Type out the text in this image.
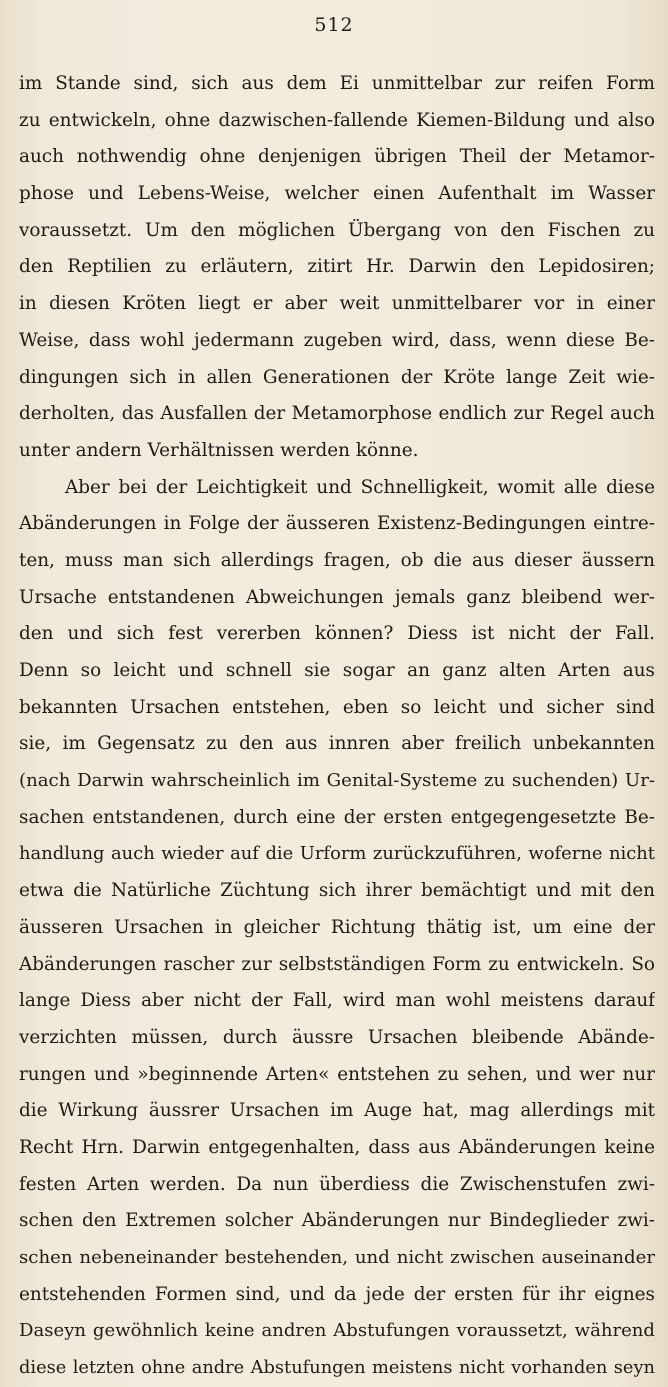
512
im Stande sind, sich aus dem Ei unmittelbar zur reifen Form
zu entwickeln, ohne dazwischen-fallende Kiemen-Bildung und also
auch nothwendig ohne denjenigen übrigen Theil der Metamor-
phose und Lebens-Weise, welcher einen Aufenthalt im Wasser
voraussetzt. Um den möglichen Übergang von den Fischen zu
den Reptilien zu erläutern, zitirt Hr. Darwin den Lepidosiren;
in diesen Kröten liegt er aber weit unmittelbarer vor in einer
Weise, dass wohl jedermann zugeben wird, dass, wenn diese Be-
dingungen sich in allen Generationen der Kröte lange Zeit wie-
derholten, das Ausfallen der Metamorphose endlich zur Regel auch
unter andern Verhältnissen werden könne.
Aber bei der Leichtigkeit und Schnelligkeit, womit alle diese
Abänderungen in Folge der äusseren Existenz-Bedingungen eintre-
ten, muss man sich allerdings fragen, ob die aus dieser äussern
Ursache entstandenen Abweichungen jemals ganz bleibend wer-
den und sich fest vererben können? Diess ist nicht der Fall.
Denn so leicht und schnell sie sogar an ganz alten Arten aus
bekannten Ursachen entstehen, eben so leicht und sicher sind
sie, im Gegensatz zu den aus innren aber freilich unbekannten
(nach Darwin wahrscheinlich im Genital-Systeme zu suchenden) Ur-
sachen entstandenen, durch eine der ersten entgegengesetzte Be-
handlung auch wieder auf die Urform zurückzuführen, woferne nicht
etwa die Natürliche Züchtung sich ihrer bemächtigt und mit den
äusseren Ursachen in gleicher Richtung thätig ist, um eine der
Abänderungen rascher zur selbstständigen Form zu entwickeln. So
lange Diess aber nicht der Fall, wird man wohl meistens darauf
verzichten müssen, durch äussre Ursachen bleibende Abände-
rungen und »beginnende Arten« entstehen zu sehen, und wer nur
die Wirkung äussrer Ursachen im Auge hat, mag allerdings mit
Recht Hrn. Darwin entgegenhalten, dass aus Abänderungen keine
festen Arten werden. Da nun überdiess die Zwischenstufen zwi-
schen den Extremen solcher Abänderungen nur Bindeglieder zwi-
schen nebeneinander bestehenden, und nicht zwischen auseinander
entstehenden Formen sind, und da jede der ersten für ihr eignes
Daseyn gewöhnlich keine andren Abstufungen voraussetzt, während
diese letzten ohne andre Abstufungen meistens nicht vorhanden seyn
